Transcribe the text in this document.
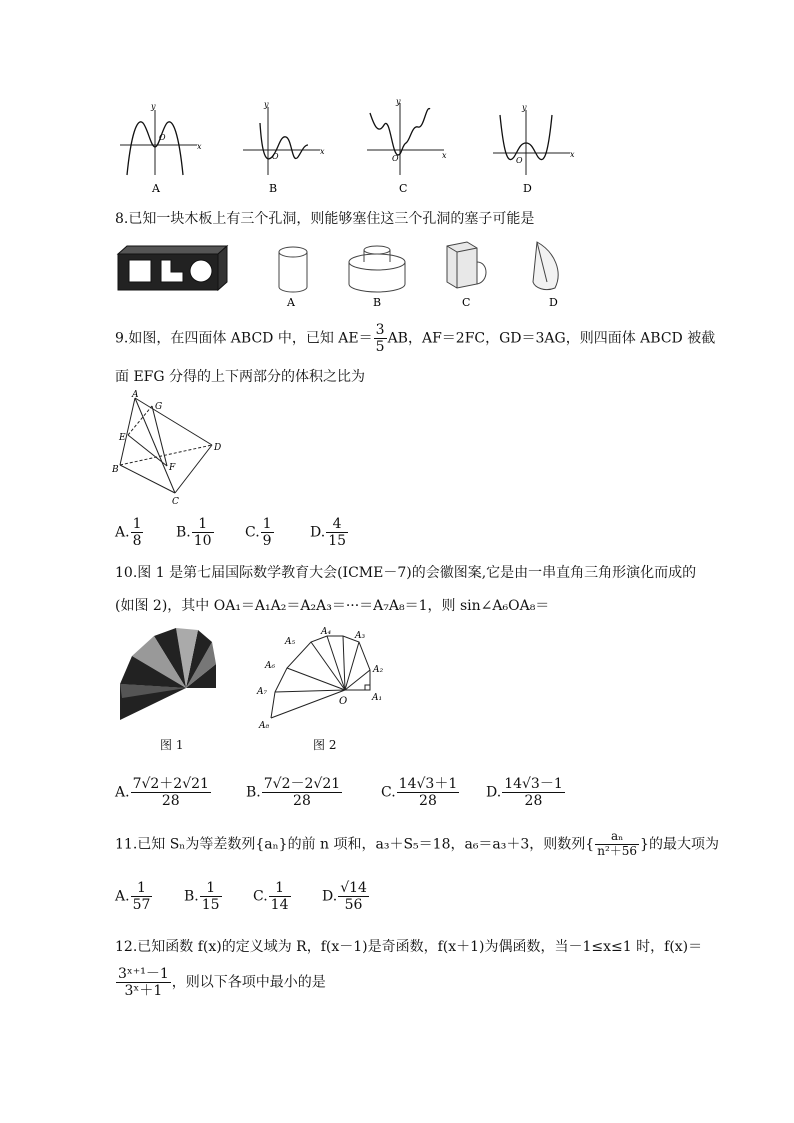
y
x
O
A
y
x
O
B
y
x
O
C
y
x
O
D
8.已知一块木板上有三个孔洞，则能够塞住这三个孔洞的塞子可能是
A	B	C	D
9.如图，在四面体 ABCD 中，已知 $AE= \frac{3}{5}$ AB，AF＝2FC，GD＝3AG，则四面体 ABCD 被截
面 EFG 分得的上下两部分的体积之比为
A
G
E
D
B	F
C
A. $\frac{1}{8} B$. $\frac{1}{10} C$. $\frac{1}{9}$	D. $\frac{4}{15}$
10.图 1 是第七届国际数学教育大会(ICME－7)的会徽图案,它是由一串直角三角形演化而成的
(如图 2)，其中 OA₁＝A₁A₂＝A₂A₃＝···＝A₇A₈＝1，则 sin∠A₆OA₈＝
图 1
A₁
A₂
A₃
A₄
A₅
A₆
A₇
A₈
O
图 2
A. $\frac{7√2+2√21}{28}$	B. $\frac{7√2-2√21}{28}$	C. $\frac{14√3+1}{28} D$. $\frac{14√3-1}{28}$
11.已知 Sₙ为等差数列{aₙ}的前 n 项和，a₃＋S₅＝18，a₆＝a₃＋3，则数列{ $\frac{\text{aₙ}}{\text{n²＋56}}$ }的最大项为
A. $\frac{1}{57} B$. $\frac{1}{15} C$. $\frac{1}{14} D$. $\frac{√14}{56}$
12.已知函数 f(x)的定义域为 R，f(x－1)是奇函数，f(x＋1)为偶函数，当－1≤x≤1 时，f(x)＝
$\frac{\text{3ˣ⁺¹－1}}{\text{3ˣ＋1}}$ ，则以下各项中最小的是
